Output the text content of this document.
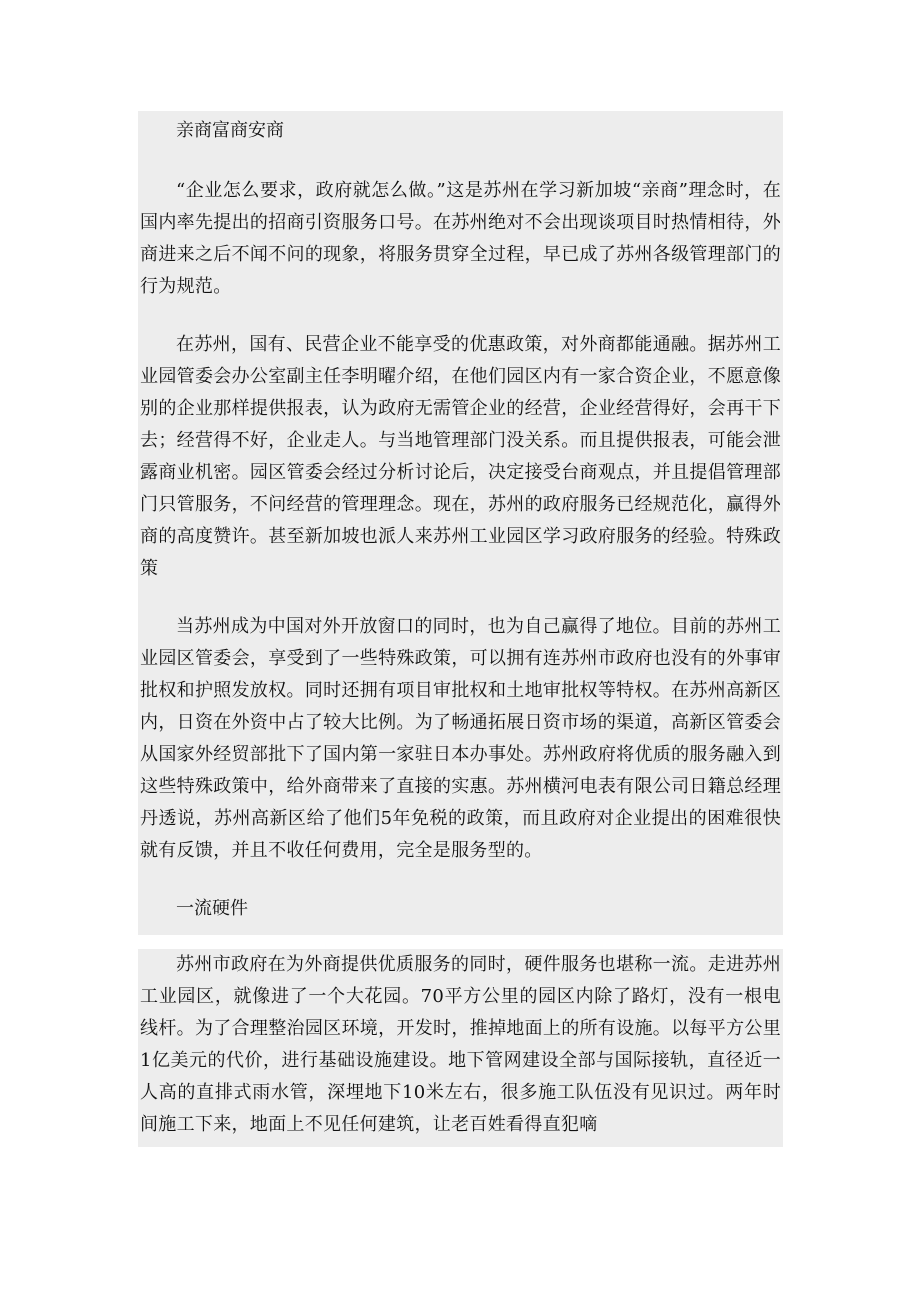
亲商富商安商

“企业怎么要求，政府就怎么做。”这是苏州在学习新加坡“亲商”理念时，在国内率先提出的招商引资服务口号。在苏州绝对不会出现谈项目时热情相待，外商进来之后不闻不问的现象，将服务贯穿全过程，早已成了苏州各级管理部门的行为规范。

在苏州，国有、民营企业不能享受的优惠政策，对外商都能通融。据苏州工业园管委会办公室副主任李明曜介绍，在他们园区内有一家合资企业，不愿意像别的企业那样提供报表，认为政府无需管企业的经营，企业经营得好，会再干下去；经营得不好，企业走人。与当地管理部门没关系。而且提供报表，可能会泄露商业机密。园区管委会经过分析讨论后，决定接受台商观点，并且提倡管理部门只管服务，不问经营的管理理念。现在，苏州的政府服务已经规范化，赢得外商的高度赞许。甚至新加坡也派人来苏州工业园区学习政府服务的经验。特殊政策

当苏州成为中国对外开放窗口的同时，也为自己赢得了地位。目前的苏州工业园区管委会，享受到了一些特殊政策，可以拥有连苏州市政府也没有的外事审批权和护照发放权。同时还拥有项目审批权和土地审批权等特权。在苏州高新区内，日资在外资中占了较大比例。为了畅通拓展日资市场的渠道，高新区管委会从国家外经贸部批下了国内第一家驻日本办事处。苏州政府将优质的服务融入到这些特殊政策中，给外商带来了直接的实惠。苏州横河电表有限公司日籍总经理丹透说，苏州高新区给了他们5年免税的政策，而且政府对企业提出的困难很快就有反馈，并且不收任何费用，完全是服务型的。

一流硬件

苏州市政府在为外商提供优质服务的同时，硬件服务也堪称一流。走进苏州工业园区，就像进了一个大花园。70平方公里的园区内除了路灯，没有一根电线杆。为了合理整治园区环境，开发时，推掉地面上的所有设施。以每平方公里1亿美元的代价，进行基础设施建设。地下管网建设全部与国际接轨，直径近一人高的直排式雨水管，深埋地下10米左右，很多施工队伍没有见识过。两年时间施工下来，地面上不见任何建筑，让老百姓看得直犯嘀
